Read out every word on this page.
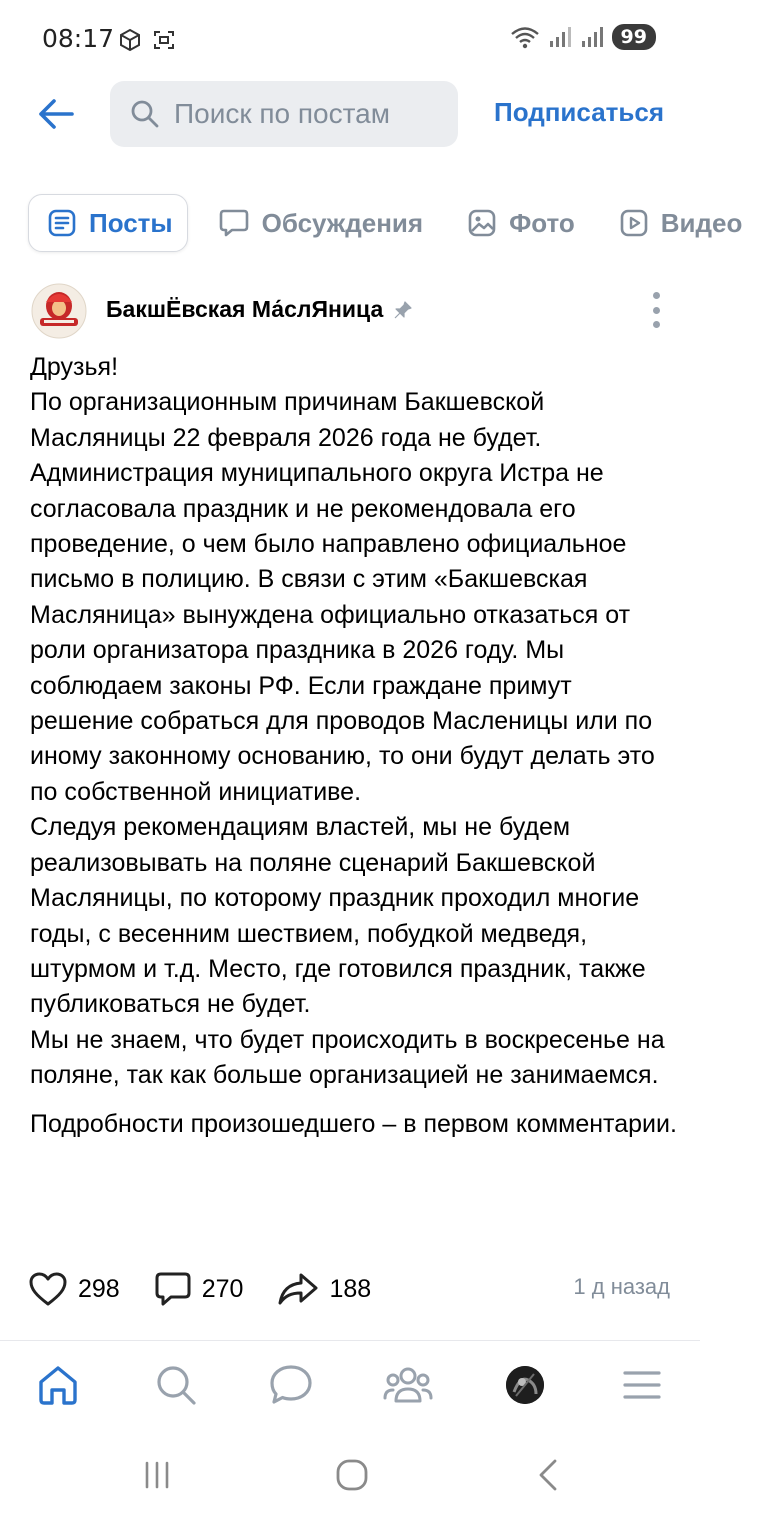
08:17	99
Поиск по постам
Подписаться
Посты	Обсуждения	Фото	Видео
БакшЁвская Ма́слЯница

Друзья!

По организационным причинам Бакшевской Масляницы 22 февраля 2026 года не будет. Администрация муниципального округа Истра не согласовала праздник и не рекомендовала его проведение, о чем было направлено официальное письмо в полицию. В связи с этим «Бакшевская Масляница» вынуждена официально отказаться от роли организатора праздника в 2026 году. Мы соблюдаем законы РФ. Если граждане примут решение собраться для проводов Масленицы или по иному законному основанию, то они будут делать это по собственной инициативе.

Следуя рекомендациям властей, мы не будем реализовывать на поляне сценарий Бакшевской Масляницы, по которому праздник проходил многие годы, с весенним шествием, побудкой медведя, штурмом и т.д. Место, где готовился праздник, также публиковаться не будет.

Мы не знаем, что будет происходить в воскресенье на поляне, так как больше организацией не занимаемся.

Подробности произошедшего – в первом комментарии.

298	270	188	1 д назад
